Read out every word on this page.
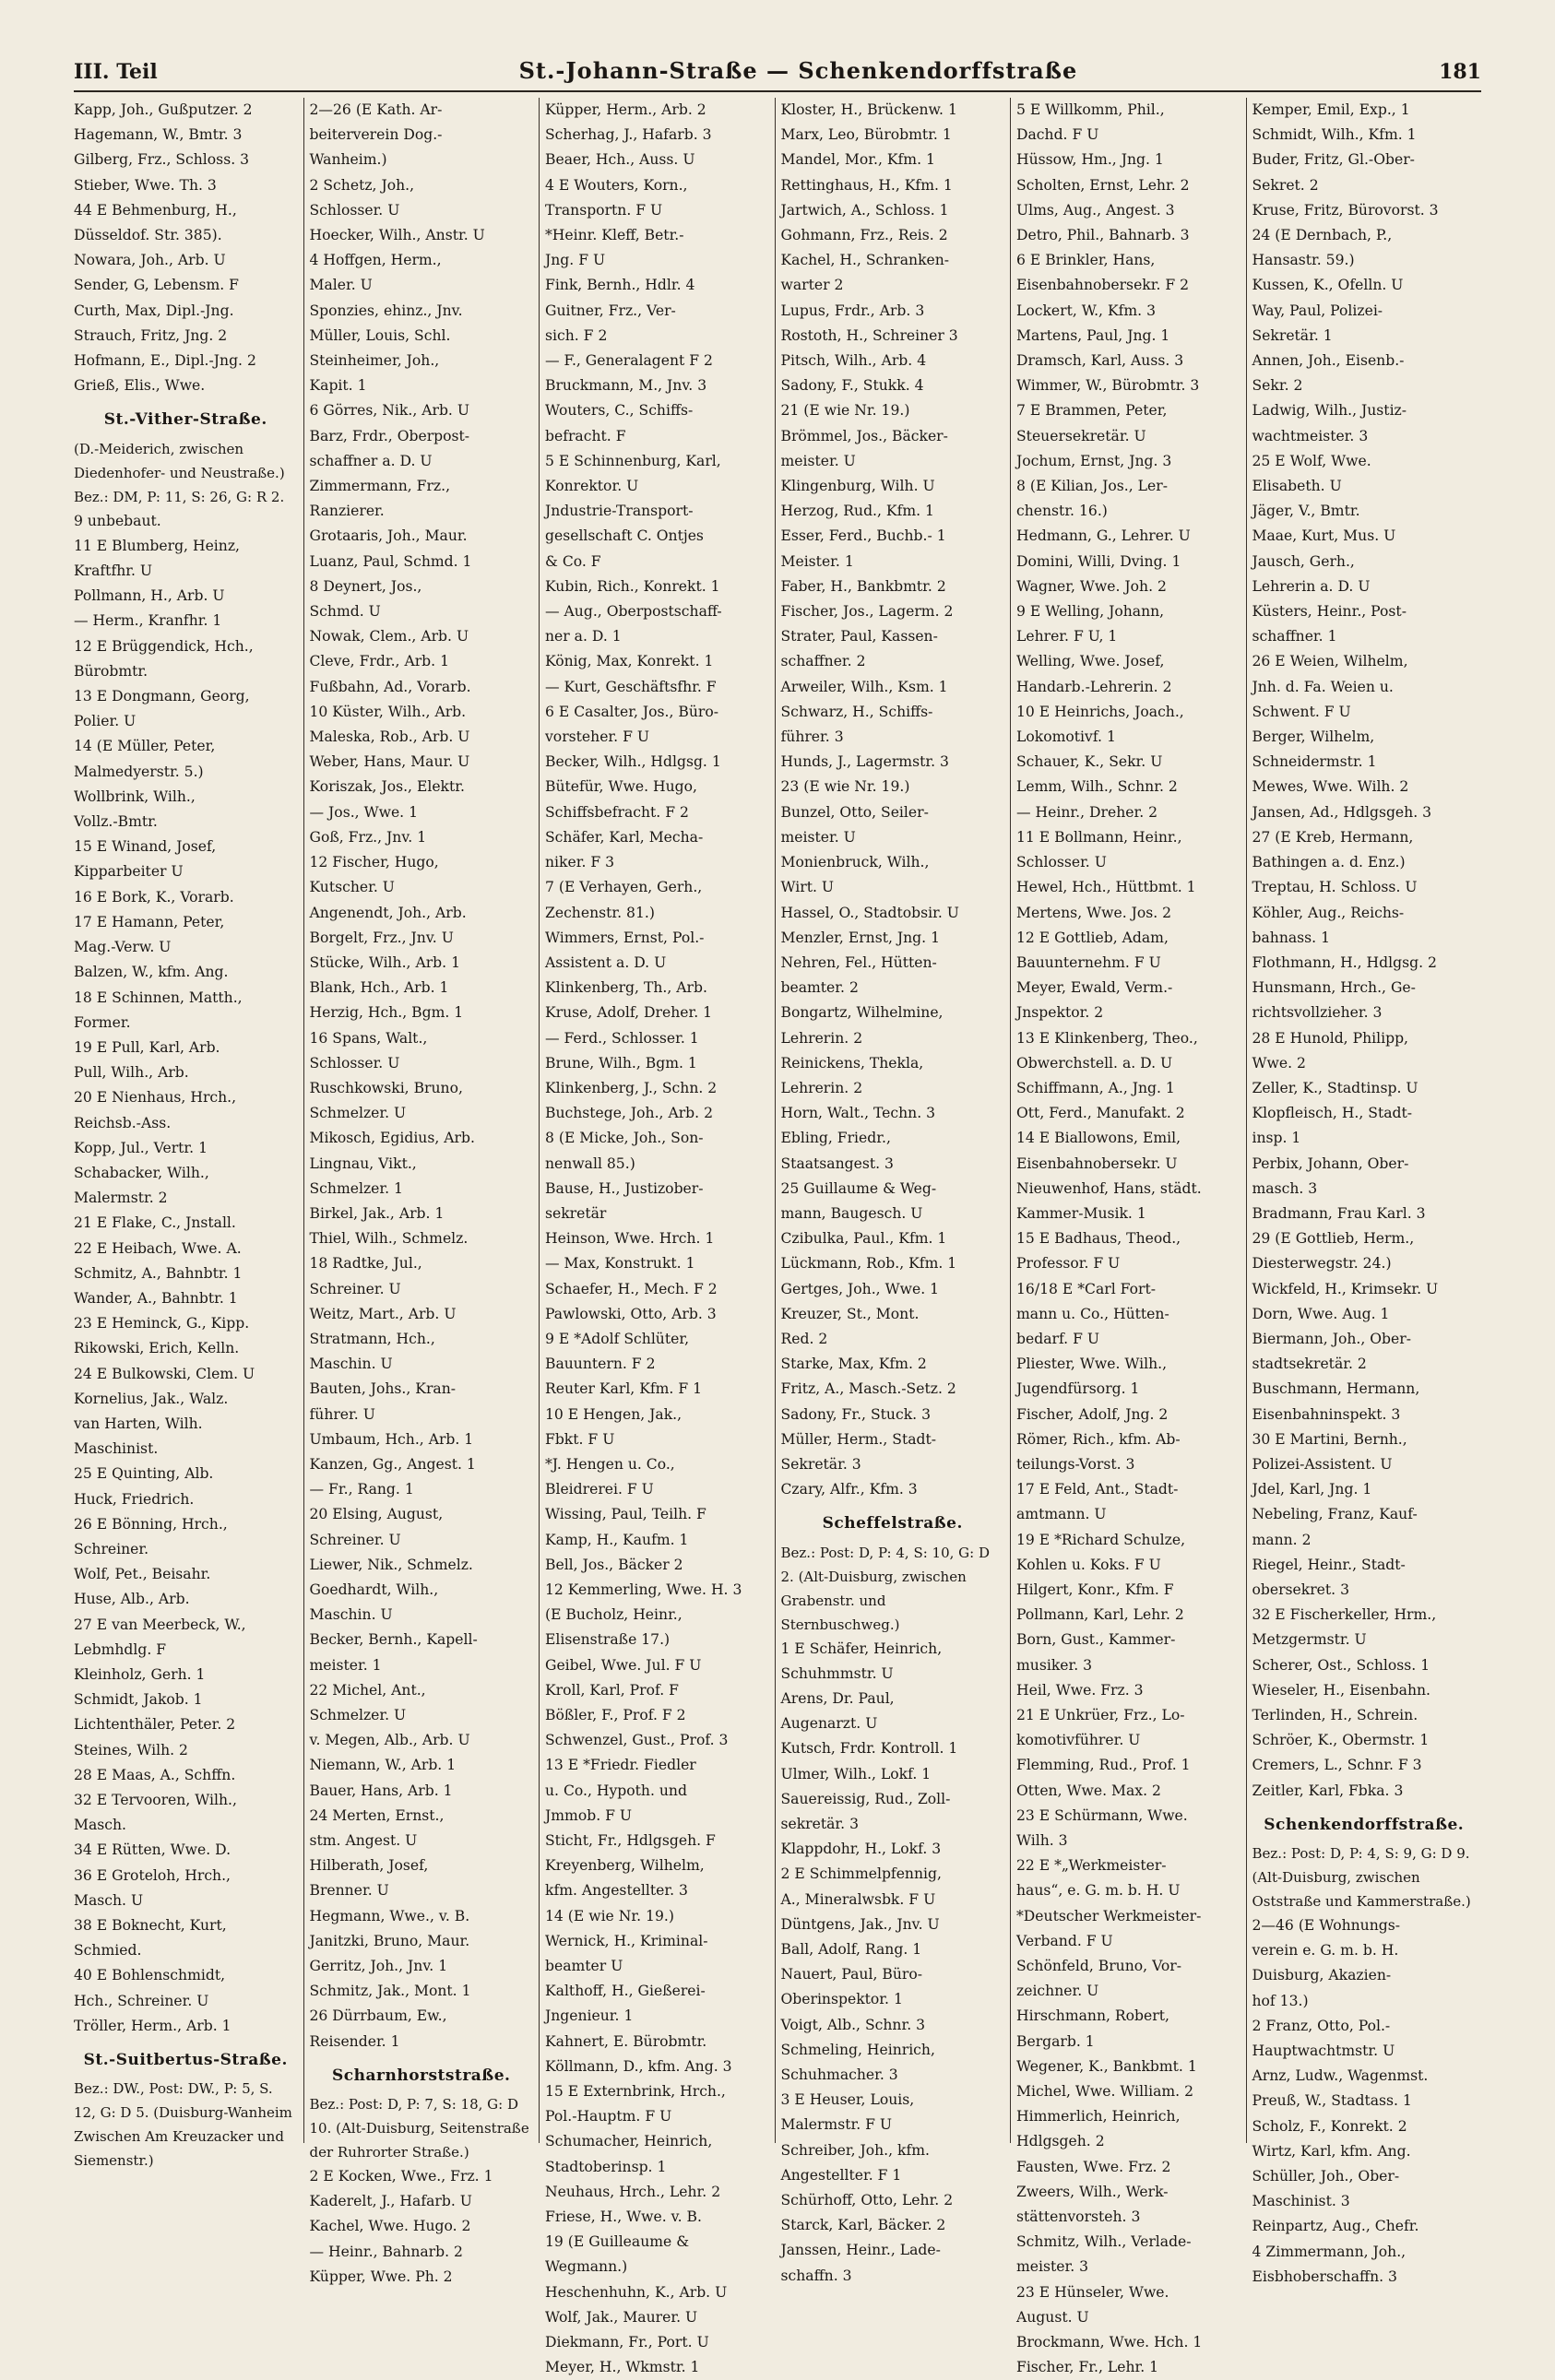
III. Teil	St.-Johann-Straße — Schenkendorffstraße	181
Kapp, Joh., Gußputzer. 2
Hagemann, W., Bmtr. 3
Gilberg, Frz., Schloss. 3
Stieber, Wwe. Th. 3
44 E Behmenburg, H.,
Düsseldof. Str. 385).
Nowara, Joh., Arb. U
Sender, G, Lebensm. F
Curth, Max, Dipl.-Jng.
Strauch, Fritz, Jng. 2
Hofmann, E., Dipl.-Jng. 2
Grieß, Elis., Wwe.
St.-Vither-Straße.
(D.-Meiderich, zwischen Diedenhofer- und Neustraße.) Bez.: DM, P: 11, S: 26, G: R 2.
9 unbebaut.
11 E Blumberg, Heinz,
Kraftfhr. U
Pollmann, H., Arb. U
— Herm., Kranfhr. 1
12 E Brüggendick, Hch.,
Bürobmtr.
13 E Dongmann, Georg,
Polier. U
14 (E Müller, Peter,
Malmedyerstr. 5.)
Wollbrink, Wilh.,
Vollz.-Bmtr.
15 E Winand, Josef,
Kipparbeiter U
16 E Bork, K., Vorarb.
17 E Hamann, Peter,
Mag.-Verw. U
Balzen, W., kfm. Ang.
18 E Schinnen, Matth.,
Former.
19 E Pull, Karl, Arb.
Pull, Wilh., Arb.
20 E Nienhaus, Hrch.,
Reichsb.-Ass.
Kopp, Jul., Vertr. 1
Schabacker, Wilh.,
Malermstr. 2
21 E Flake, C., Jnstall.
22 E Heibach, Wwe. A.
Schmitz, A., Bahnbtr. 1
Wander, A., Bahnbtr. 1
23 E Heminck, G., Kipp.
Rikowski, Erich, Kelln.
24 E Bulkowski, Clem. U
Kornelius, Jak., Walz.
van Harten, Wilh.
Maschinist.
25 E Quinting, Alb.
Huck, Friedrich.
26 E Bönning, Hrch.,
Schreiner.
Wolf, Pet., Beisahr.
Huse, Alb., Arb.
27 E van Meerbeck, W.,
Lebmhdlg. F
Kleinholz, Gerh. 1
Schmidt, Jakob. 1
Lichtenthäler, Peter. 2
Steines, Wilh. 2
28 E Maas, A., Schffn.
32 E Tervooren, Wilh.,
Masch.
34 E Rütten, Wwe. D.
36 E Groteloh, Hrch.,
Masch. U
38 E Boknecht, Kurt,
Schmied.
40 E Bohlenschmidt,
Hch., Schreiner. U
Tröller, Herm., Arb. 1
St.-Suitbertus-Straße.
Bez.: DW., Post: DW., P: 5, S. 12, G: D 5. (Duisburg-Wanheim Zwischen Am Kreuzacker und Siemenstr.)
2—26 (E Kath. Ar-
beiterverein Dog.-
Wanheim.)
2 Schetz, Joh.,
Schlosser. U
Hoecker, Wilh., Anstr. U
4 Hoffgen, Herm.,
Maler. U
Sponzies, ehinz., Jnv.
Müller, Louis, Schl.
Steinheimer, Joh.,
Kapit. 1
6 Görres, Nik., Arb. U
Barz, Frdr., Oberpost-
schaffner a. D. U
Zimmermann, Frz.,
Ranzierer.
Grotaaris, Joh., Maur.
Luanz, Paul, Schmd. 1
8 Deynert, Jos.,
Schmd. U
Nowak, Clem., Arb. U
Cleve, Frdr., Arb. 1
Fußbahn, Ad., Vorarb.
10 Küster, Wilh., Arb.
Maleska, Rob., Arb. U
Weber, Hans, Maur. U
Koriszak, Jos., Elektr.
— Jos., Wwe. 1
Goß, Frz., Jnv. 1
12 Fischer, Hugo,
Kutscher. U
Angenendt, Joh., Arb.
Borgelt, Frz., Jnv. U
Stücke, Wilh., Arb. 1
Blank, Hch., Arb. 1
Herzig, Hch., Bgm. 1
16 Spans, Walt.,
Schlosser. U
Ruschkowski, Bruno,
Schmelzer. U
Mikosch, Egidius, Arb.
Lingnau, Vikt.,
Schmelzer. 1
Birkel, Jak., Arb. 1
Thiel, Wilh., Schmelz.
18 Radtke, Jul.,
Schreiner. U
Weitz, Mart., Arb. U
Stratmann, Hch.,
Maschin. U
Bauten, Johs., Kran-
führer. U
Umbaum, Hch., Arb. 1
Kanzen, Gg., Angest. 1
— Fr., Rang. 1
20 Elsing, August,
Schreiner. U
Liewer, Nik., Schmelz.
Goedhardt, Wilh.,
Maschin. U
Becker, Bernh., Kapell-
meister. 1
22 Michel, Ant.,
Schmelzer. U
v. Megen, Alb., Arb. U
Niemann, W., Arb. 1
Bauer, Hans, Arb. 1
24 Merten, Ernst.,
stm. Angest. U
Hilberath, Josef,
Brenner. U
Hegmann, Wwe., v. B.
Janitzki, Bruno, Maur.
Gerritz, Joh., Jnv. 1
Schmitz, Jak., Mont. 1
26 Dürrbaum, Ew.,
Reisender. 1
Scharnhorststraße.
Bez.: Post: D, P: 7, S: 18, G: D 10. (Alt-Duisburg, Seitenstraße der Ruhrorter Straße.)
2 E Kocken, Wwe., Frz. 1
Kaderelt, J., Hafarb. U
Kachel, Wwe. Hugo. 2
— Heinr., Bahnarb. 2
Küpper, Wwe. Ph. 2
Küpper, Herm., Arb. 2
Scherhag, J., Hafarb. 3
Beaer, Hch., Auss. U
4 E Wouters, Korn.,
Transportn. F U
*Heinr. Kleff, Betr.-
Jng. F U
Fink, Bernh., Hdlr. 4
Guitner, Frz., Ver-
sich. F 2
— F., Generalagent F 2
Bruckmann, M., Jnv. 3
Wouters, C., Schiffs-
befracht. F
5 E Schinnenburg, Karl,
Konrektor. U
Jndustrie-Transport-
gesellschaft C. Ontjes
& Co. F
Kubin, Rich., Konrekt. 1
— Aug., Oberpostschaff-
ner a. D. 1
König, Max, Konrekt. 1
— Kurt, Geschäftsfhr. F
6 E Casalter, Jos., Büro-
vorsteher. F U
Becker, Wilh., Hdlgsg. 1
Bütefür, Wwe. Hugo,
Schiffsbefracht. F 2
Schäfer, Karl, Mecha-
niker. F 3
7 (E Verhayen, Gerh.,
Zechenstr. 81.)
Wimmers, Ernst, Pol.-
Assistent a. D. U
Klinkenberg, Th., Arb.
Kruse, Adolf, Dreher. 1
— Ferd., Schlosser. 1
Brune, Wilh., Bgm. 1
Klinkenberg, J., Schn. 2
Buchstege, Joh., Arb. 2
8 (E Micke, Joh., Son-
nenwall 85.)
Bause, H., Justizober-
sekretär
Heinson, Wwe. Hrch. 1
— Max, Konstrukt. 1
Schaefer, H., Mech. F 2
Pawlowski, Otto, Arb. 3
9 E *Adolf Schlüter,
Bauuntern. F 2
Reuter Karl, Kfm. F 1
10 E Hengen, Jak.,
Fbkt. F U
*J. Hengen u. Co.,
Bleidrerei. F U
Wissing, Paul, Teilh. F
Kamp, H., Kaufm. 1
Bell, Jos., Bäcker 2
12 Kemmerling, Wwe. H. 3
(E Bucholz, Heinr.,
Elisenstraße 17.)
Geibel, Wwe. Jul. F U
Kroll, Karl, Prof. F
Bößler, F., Prof. F 2
Schwenzel, Gust., Prof. 3
13 E *Friedr. Fiedler
u. Co., Hypoth. und
Jmmob. F U
Sticht, Fr., Hdlgsgeh. F
Kreyenberg, Wilhelm,
kfm. Angestellter. 3
14 (E wie Nr. 19.)
Wernick, H., Kriminal-
beamter U
Kalthoff, H., Gießerei-
Jngenieur. 1
Kahnert, E. Bürobmtr.
Köllmann, D., kfm. Ang. 3
15 E Externbrink, Hrch.,
Pol.-Hauptm. F U
Schumacher, Heinrich,
Stadtoberinsp. 1
Neuhaus, Hrch., Lehr. 2
Friese, H., Wwe. v. B.
19 (E Guilleaume &
Wegmann.)
Heschenhuhn, K., Arb. U
Wolf, Jak., Maurer. U
Diekmann, Fr., Port. U
Meyer, H., Wkmstr. 1
Kloster, H., Brückenw. 1
Marx, Leo, Bürobmtr. 1
Mandel, Mor., Kfm. 1
Rettinghaus, H., Kfm. 1
Jartwich, A., Schloss. 1
Gohmann, Frz., Reis. 2
Kachel, H., Schranken-
warter 2
Lupus, Frdr., Arb. 3
Rostoth, H., Schreiner 3
Pitsch, Wilh., Arb. 4
Sadony, F., Stukk. 4
21 (E wie Nr. 19.)
Brömmel, Jos., Bäcker-
meister. U
Klingenburg, Wilh. U
Herzog, Rud., Kfm. 1
Esser, Ferd., Buchb.- 1
Meister. 1
Faber, H., Bankbmtr. 2
Fischer, Jos., Lagerm. 2
Strater, Paul, Kassen-
schaffner. 2
Arweiler, Wilh., Ksm. 1
Schwarz, H., Schiffs-
führer. 3
Hunds, J., Lagermstr. 3
23 (E wie Nr. 19.)
Bunzel, Otto, Seiler-
meister. U
Monienbruck, Wilh.,
Wirt. U
Hassel, O., Stadtobsir. U
Menzler, Ernst, Jng. 1
Nehren, Fel., Hütten-
beamter. 2
Bongartz, Wilhelmine,
Lehrerin. 2
Reinickens, Thekla,
Lehrerin. 2
Horn, Walt., Techn. 3
Ebling, Friedr.,
Staatsangest. 3
25 Guillaume & Weg-
mann, Baugesch. U
Czibulka, Paul., Kfm. 1
Lückmann, Rob., Kfm. 1
Gertges, Joh., Wwe. 1
Kreuzer, St., Mont.
Red. 2
Starke, Max, Kfm. 2
Fritz, A., Masch.-Setz. 2
Sadony, Fr., Stuck. 3
Müller, Herm., Stadt-
Sekretär. 3
Czary, Alfr., Kfm. 3
Scheffelstraße.
Bez.: Post: D, P: 4, S: 10, G: D 2. (Alt-Duisburg, zwischen Grabenstr. und Sternbuschweg.)
1 E Schäfer, Heinrich,
Schuhmmstr. U
Arens, Dr. Paul,
Augenarzt. U
Kutsch, Frdr. Kontroll. 1
Ulmer, Wilh., Lokf. 1
Sauereissig, Rud., Zoll-
sekretär. 3
Klappdohr, H., Lokf. 3
2 E Schimmelpfennig,
A., Mineralwsbk. F U
Düntgens, Jak., Jnv. U
Ball, Adolf, Rang. 1
Nauert, Paul, Büro-
Oberinspektor. 1
Voigt, Alb., Schnr. 3
Schmeling, Heinrich,
Schuhmacher. 3
3 E Heuser, Louis,
Malermstr. F U
Schreiber, Joh., kfm.
Angestellter. F 1
Schürhoff, Otto, Lehr. 2
Starck, Karl, Bäcker. 2
Janssen, Heinr., Lade-
schaffn. 3
5 E Willkomm, Phil.,
Dachd. F U
Hüssow, Hm., Jng. 1
Scholten, Ernst, Lehr. 2
Ulms, Aug., Angest. 3
Detro, Phil., Bahnarb. 3
6 E Brinkler, Hans,
Eisenbahnobersekr. F 2
Lockert, W., Kfm. 3
Martens, Paul, Jng. 1
Dramsch, Karl, Auss. 3
Wimmer, W., Bürobmtr. 3
7 E Brammen, Peter,
Steuersekretär. U
Jochum, Ernst, Jng. 3
8 (E Kilian, Jos., Ler-
chenstr. 16.)
Hedmann, G., Lehrer. U
Domini, Willi, Dving. 1
Wagner, Wwe. Joh. 2
9 E Welling, Johann,
Lehrer. F U, 1
Welling, Wwe. Josef,
Handarb.-Lehrerin. 2
10 E Heinrichs, Joach.,
Lokomotivf. 1
Schauer, K., Sekr. U
Lemm, Wilh., Schnr. 2
— Heinr., Dreher. 2
11 E Bollmann, Heinr.,
Schlosser. U
Hewel, Hch., Hüttbmt. 1
Mertens, Wwe. Jos. 2
12 E Gottlieb, Adam,
Bauunternehm. F U
Meyer, Ewald, Verm.-
Jnspektor. 2
13 E Klinkenberg, Theo.,
Obwerchstell. a. D. U
Schiffmann, A., Jng. 1
Ott, Ferd., Manufakt. 2
14 E Biallowons, Emil,
Eisenbahnobersekr. U
Nieuwenhof, Hans, städt.
Kammer-Musik. 1
15 E Badhaus, Theod.,
Professor. F U
16/18 E *Carl Fort-
mann u. Co., Hütten-
bedarf. F U
Pliester, Wwe. Wilh.,
Jugendfürsorg. 1
Fischer, Adolf, Jng. 2
Römer, Rich., kfm. Ab-
teilungs-Vorst. 3
17 E Feld, Ant., Stadt-
amtmann. U
19 E *Richard Schulze,
Kohlen u. Koks. F U
Hilgert, Konr., Kfm. F
Pollmann, Karl, Lehr. 2
Born, Gust., Kammer-
musiker. 3
Heil, Wwe. Frz. 3
21 E Unkrüer, Frz., Lo-
komotivführer. U
Flemming, Rud., Prof. 1
Otten, Wwe. Max. 2
23 E Schürmann, Wwe.
Wilh. 3
22 E *„Werkmeister-
haus“, e. G. m. b. H. U
*Deutscher Werkmeister-
Verband. F U
Schönfeld, Bruno, Vor-
zeichner. U
Hirschmann, Robert,
Bergarb. 1
Wegener, K., Bankbmt. 1
Michel, Wwe. William. 2
Himmerlich, Heinrich,
Hdlgsgeh. 2
Fausten, Wwe. Frz. 2
Zweers, Wilh., Werk-
stättenvorsteh. 3
Schmitz, Wilh., Verlade-
meister. 3
23 E Hünseler, Wwe.
August. U
Brockmann, Wwe. Hch. 1
Fischer, Fr., Lehr. 1
Kemper, Emil, Exp., 1
Schmidt, Wilh., Kfm. 1
Buder, Fritz, Gl.-Ober-
Sekret. 2
Kruse, Fritz, Bürovorst. 3
24 (E Dernbach, P.,
Hansastr. 59.)
Kussen, K., Ofelln. U
Way, Paul, Polizei-
Sekretär. 1
Annen, Joh., Eisenb.-
Sekr. 2
Ladwig, Wilh., Justiz-
wachtmeister. 3
25 E Wolf, Wwe.
Elisabeth. U
Jäger, V., Bmtr.
Maae, Kurt, Mus. U
Jausch, Gerh.,
Lehrerin a. D. U
Küsters, Heinr., Post-
schaffner. 1
26 E Weien, Wilhelm,
Jnh. d. Fa. Weien u.
Schwent. F U
Berger, Wilhelm,
Schneidermstr. 1
Mewes, Wwe. Wilh. 2
Jansen, Ad., Hdlgsgeh. 3
27 (E Kreb, Hermann,
Bathingen a. d. Enz.)
Treptau, H. Schloss. U
Köhler, Aug., Reichs-
bahnass. 1
Flothmann, H., Hdlgsg. 2
Hunsmann, Hrch., Ge-
richtsvollzieher. 3
28 E Hunold, Philipp,
Wwe. 2
Zeller, K., Stadtinsp. U
Klopfleisch, H., Stadt-
insp. 1
Perbix, Johann, Ober-
masch. 3
Bradmann, Frau Karl. 3
29 (E Gottlieb, Herm.,
Diesterwegstr. 24.)
Wickfeld, H., Krimsekr. U
Dorn, Wwe. Aug. 1
Biermann, Joh., Ober-
stadtsekretär. 2
Buschmann, Hermann,
Eisenbahninspekt. 3
30 E Martini, Bernh.,
Polizei-Assistent. U
Jdel, Karl, Jng. 1
Nebeling, Franz, Kauf-
mann. 2
Riegel, Heinr., Stadt-
obersekret. 3
32 E Fischerkeller, Hrm.,
Metzgermstr. U
Scherer, Ost., Schloss. 1
Wieseler, H., Eisenbahn.
Terlinden, H., Schrein.
Schröer, K., Obermstr. 1
Cremers, L., Schnr. F 3
Zeitler, Karl, Fbka. 3
Schenkendorffstraße.
Bez.: Post: D, P: 4, S: 9, G: D 9. (Alt-Duisburg, zwischen Oststraße und Kammerstraße.)
2—46 (E Wohnungs-
verein e. G. m. b. H.
Duisburg, Akazien-
hof 13.)
2 Franz, Otto, Pol.-
Hauptwachtmstr. U
Arnz, Ludw., Wagenmst.
Preuß, W., Stadtass. 1
Scholz, F., Konrekt. 2
Wirtz, Karl, kfm. Ang.
Schüller, Joh., Ober-
Maschinist. 3
Reinpartz, Aug., Chefr.
4 Zimmermann, Joh.,
Eisbhoberschaffn. 3
